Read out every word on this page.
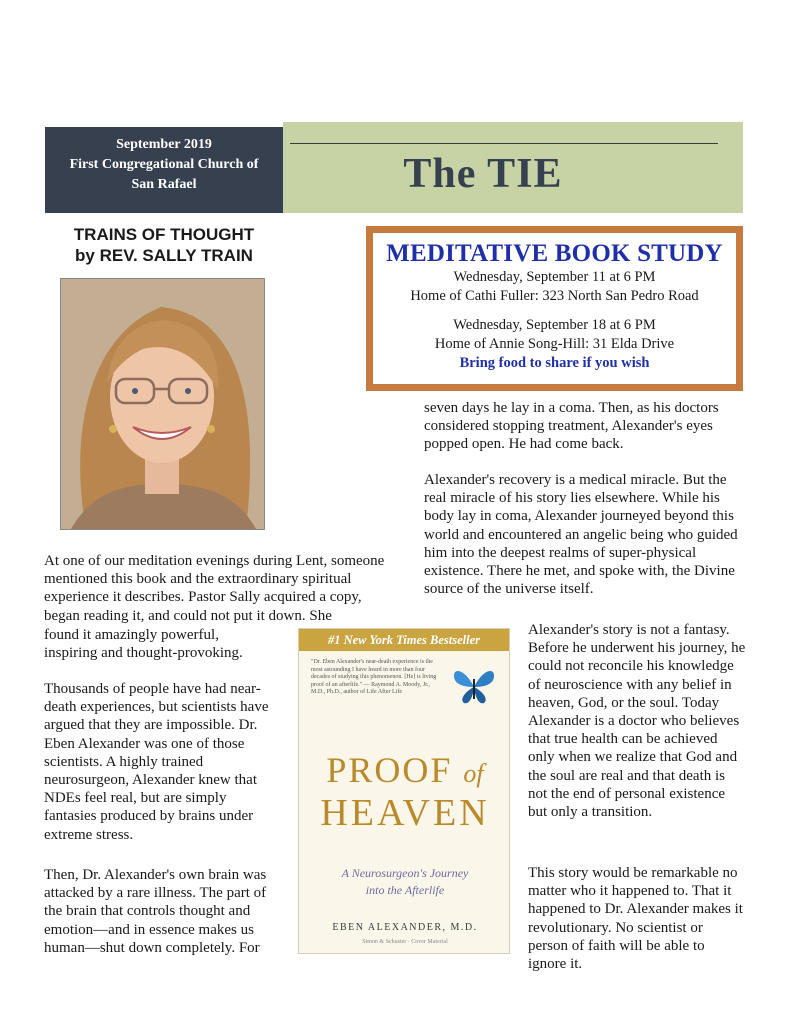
September 2019
First Congregational Church of
San Rafael	The TIE
TRAINS OF THOUGHT
by REV. SALLY TRAIN	MEDITATIVE BOOK STUDY
Wednesday, September 11 at 6 PM
Home of Cathi Fuller: 323 North San Pedro Road
Wednesday, September 18 at 6 PM
Home of Annie Song-Hill: 31 Elda Drive
Bring food to share if you wish
seven days he lay in a coma. Then, as his doctors considered stopping treatment, Alexander's eyes popped open. He had come back.
Alexander's recovery is a medical miracle. But the real miracle of his story lies elsewhere. While his body lay in coma, Alexander journeyed beyond this world and encountered an angelic being who guided him into the deepest realms of super-physical existence. There he met, and spoke with, the Divine source of the universe itself.
At one of our meditation evenings during Lent, someone mentioned this book and the extraordinary spiritual experience it describes. Pastor Sally acquired a copy, began reading it, and could not put it down. She
found it amazingly powerful, inspiring and thought-provoking.
Thousands of people have had near-death experiences, but scientists have argued that they are impossible. Dr. Eben Alexander was one of those scientists. A highly trained neurosurgeon, Alexander knew that NDEs feel real, but are simply fantasies produced by brains under extreme stress.
Then, Dr. Alexander's own brain was attacked by a rare illness. The part of the brain that controls thought and emotion—and in essence makes us human—shut down completely. For
Alexander's story is not a fantasy. Before he underwent his journey, he could not reconcile his knowledge of neuroscience with any belief in heaven, God, or the soul. Today Alexander is a doctor who believes that true health can be achieved only when we realize that God and the soul are real and that death is not the end of personal existence but only a transition.
This story would be remarkable no matter who it happened to. That it happened to Dr. Alexander makes it revolutionary. No scientist or person of faith will be able to ignore it.
#1 New York Times Bestseller
"Dr. Eben Alexander's near-death experience is the most astounding I have heard in more than four decades of studying this phenomenon. [He] is living proof of an afterlife." — Raymond A. Moody, Jr., M.D., Ph.D., author of Life After Life
PROOF of
HEAVEN
A Neurosurgeon's Journey
into the Afterlife
EBEN ALEXANDER, M.D.
Simon & Schuster · Cover Material
